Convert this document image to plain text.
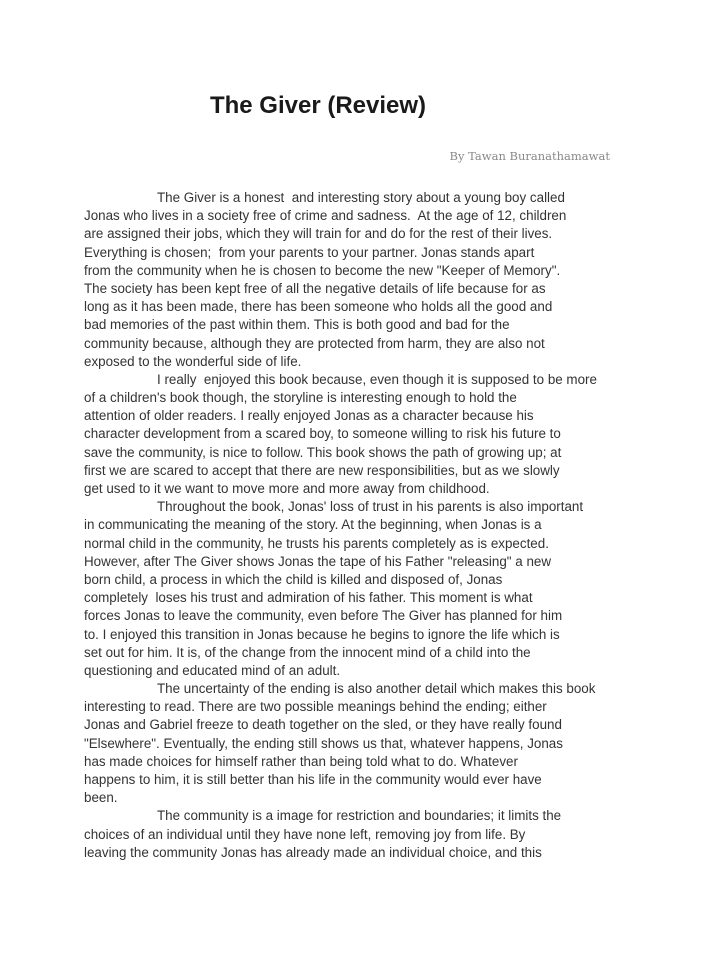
The Giver (Review)
By Tawan Buranathamawat
The Giver is a honest  and interesting story about a young boy called
Jonas who lives in a society free of crime and sadness.  At the age of 12, children
are assigned their jobs, which they will train for and do for the rest of their lives.
Everything is chosen;  from your parents to your partner. Jonas stands apart
from the community when he is chosen to become the new "Keeper of Memory".
The society has been kept free of all the negative details of life because for as
long as it has been made, there has been someone who holds all the good and
bad memories of the past within them. This is both good and bad for the
community because, although they are protected from harm, they are also not
exposed to the wonderful side of life.
I really  enjoyed this book because, even though it is supposed to be more
of a children's book though, the storyline is interesting enough to hold the
attention of older readers. I really enjoyed Jonas as a character because his
character development from a scared boy, to someone willing to risk his future to
save the community, is nice to follow. This book shows the path of growing up; at
first we are scared to accept that there are new responsibilities, but as we slowly
get used to it we want to move more and more away from childhood.
Throughout the book, Jonas' loss of trust in his parents is also important
in communicating the meaning of the story. At the beginning, when Jonas is a
normal child in the community, he trusts his parents completely as is expected.
However, after The Giver shows Jonas the tape of his Father "releasing" a new
born child, a process in which the child is killed and disposed of, Jonas
completely  loses his trust and admiration of his father. This moment is what
forces Jonas to leave the community, even before The Giver has planned for him
to. I enjoyed this transition in Jonas because he begins to ignore the life which is
set out for him. It is, of the change from the innocent mind of a child into the
questioning and educated mind of an adult.
The uncertainty of the ending is also another detail which makes this book
interesting to read. There are two possible meanings behind the ending; either
Jonas and Gabriel freeze to death together on the sled, or they have really found
"Elsewhere". Eventually, the ending still shows us that, whatever happens, Jonas
has made choices for himself rather than being told what to do. Whatever
happens to him, it is still better than his life in the community would ever have
been.
The community is a image for restriction and boundaries; it limits the
choices of an individual until they have none left, removing joy from life. By
leaving the community Jonas has already made an individual choice, and this
